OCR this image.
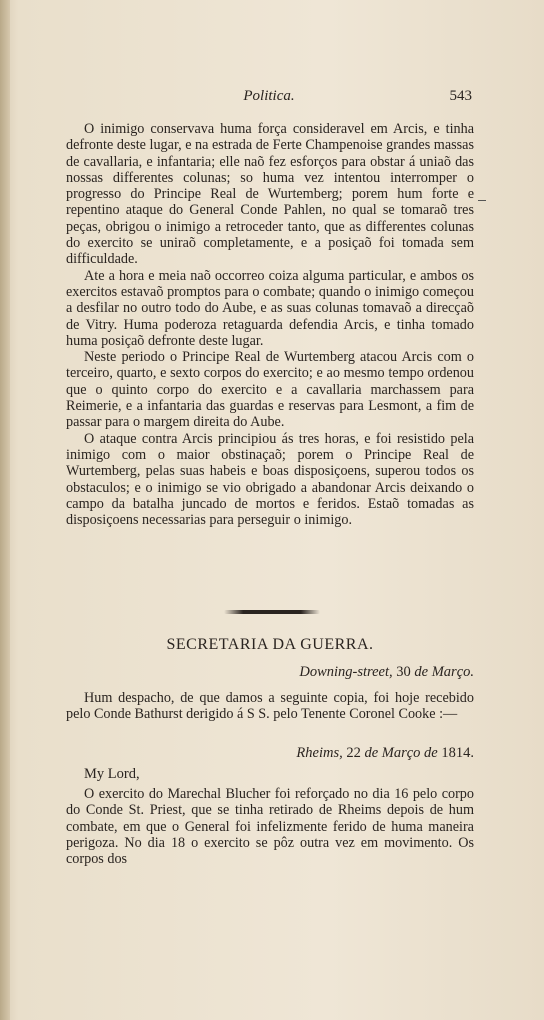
Politica.	543

O inimigo conservava huma força consideravel em Arcis, e tinha defronte deste lugar, e na estrada de Ferte Champenoise grandes massas de cavallaria, e infantaria; elle naõ fez esforços para obstar á uniaõ das nossas differentes colunas; so huma vez intentou interromper o progresso do Principe Real de Wurtemberg; porem hum forte e repentino ataque do General Conde Pahlen, no qual se tomaraõ tres peças, obrigou o inimigo a retroceder tanto, que as differentes colunas do exercito se uniraõ completamente, e a posiçaõ foi tomada sem difficuldade.

Ate a hora e meia naõ occorreo coiza alguma particular, e ambos os exercitos estavaõ promptos para o combate; quando o inimigo começou a desfilar no outro todo do Aube, e as suas colunas tomavaõ a direcçaõ de Vitry. Huma poderoza retaguarda defendia Arcis, e tinha tomado huma posiçaõ defronte deste lugar.

Neste periodo o Principe Real de Wurtemberg atacou Arcis com o terceiro, quarto, e sexto corpos do exercito; e ao mesmo tempo ordenou que o quinto corpo do exercito e a cavallaria marchassem para Reimerie, e a infantaria das guardas e reservas para Lesmont, a fim de passar para o margem direita do Aube.

O ataque contra Arcis principiou ás tres horas, e foi resistido pela inimigo com o maior obstinaçaõ; porem o Principe Real de Wurtemberg, pelas suas habeis e boas disposiçoens, superou todos os obstaculos; e o inimigo se vio obrigado a abandonar Arcis deixando o campo da batalha juncado de mortos e feridos. Estaõ tomadas as disposiçoens necessarias para perseguir o inimigo.

SECRETARIA DA GUERRA.
Downing-street, 30 de Março.

Hum despacho, de que damos a seguinte copia, foi hoje recebido pelo Conde Bathurst derigido á S S. pelo Tenente Coronel Cooke :—

Rheims, 22 de Março de 1814.
My Lord,

O exercito do Marechal Blucher foi reforçado no dia 16 pelo corpo do Conde St. Priest, que se tinha retirado de Rheims depois de hum combate, em que o General foi infelizmente ferido de huma maneira perigoza. No dia 18 o exercito se pôz outra vez em movimento. Os corpos dos
